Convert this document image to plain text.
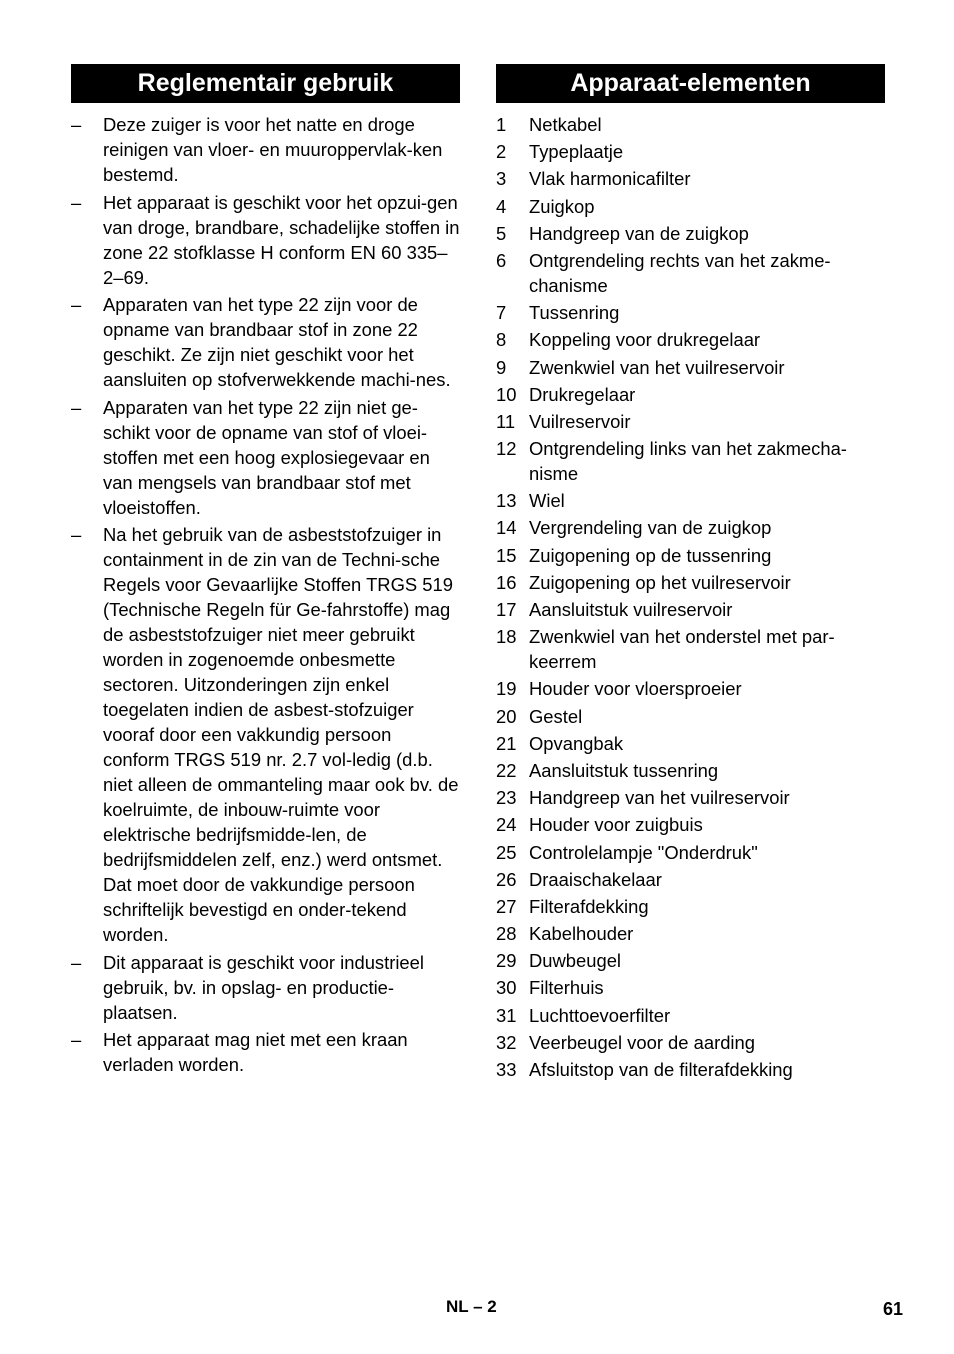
Reglementair gebruik
–	Deze zuiger is voor het natte en droge reinigen van vloer- en muuroppervlak-ken bestemd.
–	Het apparaat is geschikt voor het opzui-gen van droge, brandbare, schadelijke stoffen in zone 22 stofklasse H conform EN 60 335–2–69.
–	Apparaten van het type 22 zijn voor de opname van brandbaar stof in zone 22 geschikt. Ze zijn niet geschikt voor het aansluiten op stofverwekkende machi-nes.
–	Apparaten van het type 22 zijn niet ge-schikt voor de opname van stof of vloei-stoffen met een hoog explosiegevaar en van mengsels van brandbaar stof met vloeistoffen.
–	Na het gebruik van de asbeststofzuiger in containment in de zin van de Techni-sche Regels voor Gevaarlijke Stoffen TRGS 519 (Technische Regeln für Ge-fahrstoffe) mag de asbeststofzuiger niet meer gebruikt worden in zogenoemde onbesmette sectoren. Uitzonderingen zijn enkel toegelaten indien de asbest-stofzuiger vooraf door een vakkundig persoon conform TRGS 519 nr. 2.7 vol-ledig (d.b. niet alleen de ommanteling maar ook bv. de koelruimte, de inbouw-ruimte voor elektrische bedrijfsmidde-len, de bedrijfsmiddelen zelf, enz.) werd ontsmet. Dat moet door de vakkundige persoon schriftelijk bevestigd en onder-tekend worden.
–	Dit apparaat is geschikt voor industrieel gebruik, bv. in opslag- en productie-plaatsen.
–	Het apparaat mag niet met een kraan verladen worden.
Apparaat-elementen
1	Netkabel
2	Typeplaatje
3	Vlak harmonicafilter
4	Zuigkop
5	Handgreep van de zuigkop
6	Ontgrendeling rechts van het zakme-chanisme
7	Tussenring
8	Koppeling voor drukregelaar
9	Zwenkwiel van het vuilreservoir
10 Drukregelaar
11 Vuilreservoir
12 Ontgrendeling links van het zakmecha-nisme
13 Wiel
14 Vergrendeling van de zuigkop
15 Zuigopening op de tussenring
16 Zuigopening op het vuilreservoir
17 Aansluitstuk vuilreservoir
18 Zwenkwiel van het onderstel met par-keerrem
19 Houder voor vloersproeier
20 Gestel
21 Opvangbak
22 Aansluitstuk tussenring
23 Handgreep van het vuilreservoir
24 Houder voor zuigbuis
25 Controlelampje "Onderdruk"
26 Draaischakelaar
27 Filterafdekking
28 Kabelhouder
29 Duwbeugel
30 Filterhuis
31 Luchttoevoerfilter
32 Veerbeugel voor de aarding
33 Afsluitstop van de filterafdekking
NL – 2	61
